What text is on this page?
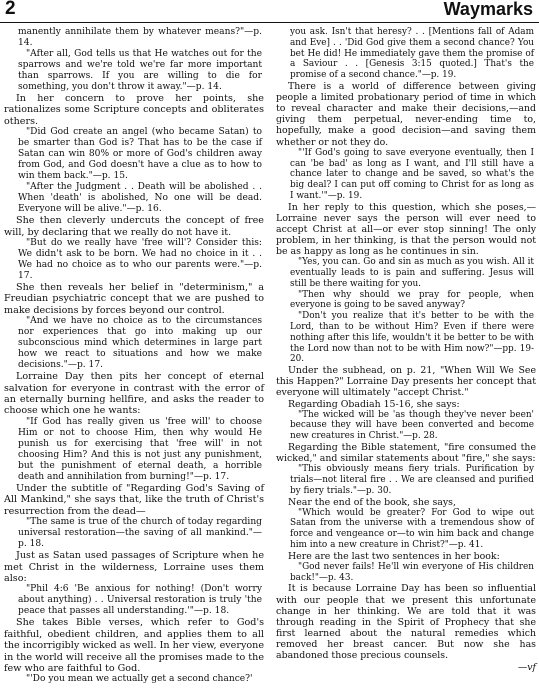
2	Waymarks
manently annihilate them by whatever means?"—p. 14.
"After all, God tells us that He watches out for the sparrows and we're told we're far more important than sparrows. If you are willing to die for something, you don't throw it away."—p. 14.
In her concern to prove her points, she rationalizes some Scripture concepts and obliterates others.
"Did God create an angel (who became Satan) to be smarter than God is? That has to be the case if Satan can win 80% or more of God's children away from God, and God doesn't have a clue as to how to win them back."—p. 15.
"After the Judgment . . Death will be abolished . . When 'death' is abolished, No one will be dead. Everyone will be alive."—p. 16.
She then cleverly undercuts the concept of free will, by declaring that we really do not have it.
"But do we really have 'free will'? Consider this: We didn't ask to be born. We had no choice in it . . We had no choice as to who our parents were."—p. 17.
She then reveals her belief in "determinism," a Freudian psychiatric concept that we are pushed to make decisions by forces beyond our control.
"And we have no choice as to the circumstances nor experiences that go into making up our subconscious mind which determines in large part how we react to situations and how we make decisions."—p. 17.
Lorraine Day then pits her concept of eternal salvation for everyone in contrast with the error of an eternally burning hellfire, and asks the reader to choose which one he wants:
"If God has really given us 'free will' to choose Him or not to choose Him, then why would He punish us for exercising that 'free will' in not choosing Him? And this is not just any punishment, but the punishment of eternal death, a horrible death and annihilation from burning!"—p. 17.
Under the subtitle of "Regarding God's Saving of All Mankind," she says that, like the truth of Christ's resurrection from the dead—
"The same is true of the church of today regarding universal restoration—the saving of all mankind."—p. 18.
Just as Satan used passages of Scripture when he met Christ in the wilderness, Lorraine uses them also:
"Phil 4:6 'Be anxious for nothing! (Don't worry about anything) . . Universal restoration is truly 'the peace that passes all understanding.'"—p. 18.
She takes Bible verses, which refer to God's faithful, obedient children, and applies them to all the incorrigibly wicked as well. In her view, everyone in the world will receive all the promises made to the few who are faithful to God.
"'Do you mean we actually get a second chance?'
you ask. Isn't that heresy? . . [Mentions fall of Adam and Eve] . . 'Did God give them a second chance? You bet He did! He immediately gave them the promise of a Saviour . . [Genesis 3:15 quoted.] That's the promise of a second chance."—p. 19.
There is a world of difference between giving people a limited probationary period of time in which to reveal character and make their decisions,—and giving them perpetual, never-ending time to, hopefully, make a good decision—and saving them whether or not they do.
"'If God's going to save everyone eventually, then I can 'be bad' as long as I want, and I'll still have a chance later to change and be saved, so what's the big deal? I can put off coming to Christ for as long as I want.'"—p. 19.
In her reply to this question, which she poses,—Lorraine never says the person will ever need to accept Christ at all—or ever stop sinning! The only problem, in her thinking, is that the person would not be as happy as long as he continues in sin.
"Yes, you can. Go and sin as much as you wish. All it eventually leads to is pain and suffering. Jesus will still be there waiting for you.
"Then why should we pray for people, when everyone is going to be saved anyway?
"Don't you realize that it's better to be with the Lord, than to be without Him? Even if there were nothing after this life, wouldn't it be better to be with the Lord now than not to be with Him now?"—pp. 19-20.
Under the subhead, on p. 21, "When Will We See this Happen?" Lorraine Day presents her concept that everyone will ultimately "accept Christ."
Regarding Obadiah 15-16, she says:
"The wicked will be 'as though they've never been' because they will have been converted and become new creatures in Christ."—p. 28.
Regarding the Bible statement, "fire consumed the wicked," and similar statements about "fire," she says:
"This obviously means fiery trials. Purification by trials—not literal fire . . We are cleansed and purified by fiery trials."—p. 30.
Near the end of the book, she says,
"Which would be greater? For God to wipe out Satan from the universe with a tremendous show of force and vengeance or—to win him back and change him into a new creature in Christ?"—p. 41.
Here are the last two sentences in her book:
"God never fails! He'll win everyone of His children back!"—p. 43.
It is because Lorraine Day has been so influential with our people that we present this unfortunate change in her thinking. We are told that it was through reading in the Spirit of Prophecy that she first learned about the natural remedies which removed her breast cancer. But now she has abandoned those precious counsels.
—vf
